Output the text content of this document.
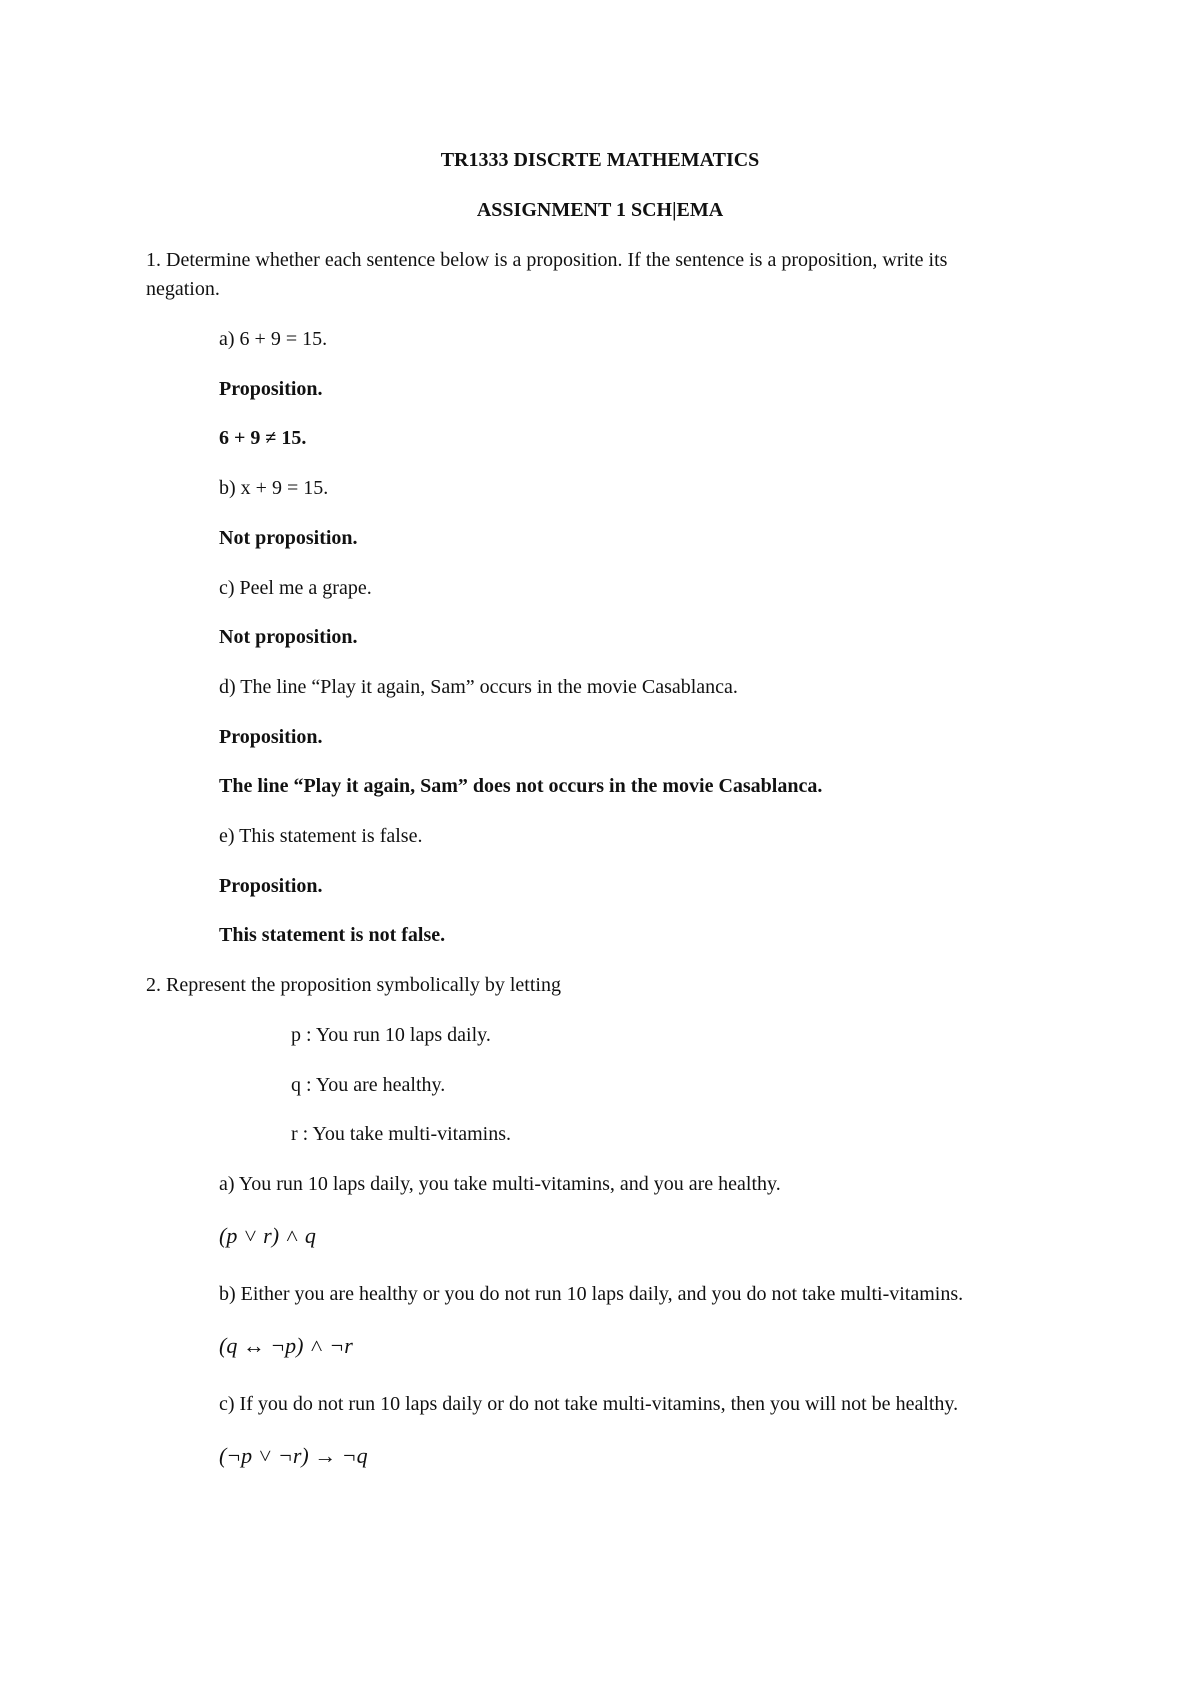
TR1333 DISCRTE MATHEMATICS
ASSIGNMENT 1 SCH|EMA
1. Determine whether each sentence below is a proposition. If the sentence is a proposition, write its
negation.
a) 6 + 9 = 15.
Proposition.
6 + 9 ≠ 15.
b) x + 9 = 15.
Not proposition.
c) Peel me a grape.
Not proposition.
d) The line “Play it again, Sam” occurs in the movie Casablanca.
Proposition.
The line “Play it again, Sam” does not occurs in the movie Casablanca.
e) This statement is false.
Proposition.
This statement is not false.
2. Represent the proposition symbolically by letting
p : You run 10 laps daily.
q : You are healthy.
r : You take multi-vitamins.
a) You run 10 laps daily, you take multi-vitamins, and you are healthy.
(p ˅ r) ˄ q
b) Either you are healthy or you do not run 10 laps daily, and you do not take multi-vitamins.
(q ↔ ¬p) ˄ ¬r
c) If you do not run 10 laps daily or do not take multi-vitamins, then you will not be healthy.
(¬p ˅ ¬r) → ¬q
